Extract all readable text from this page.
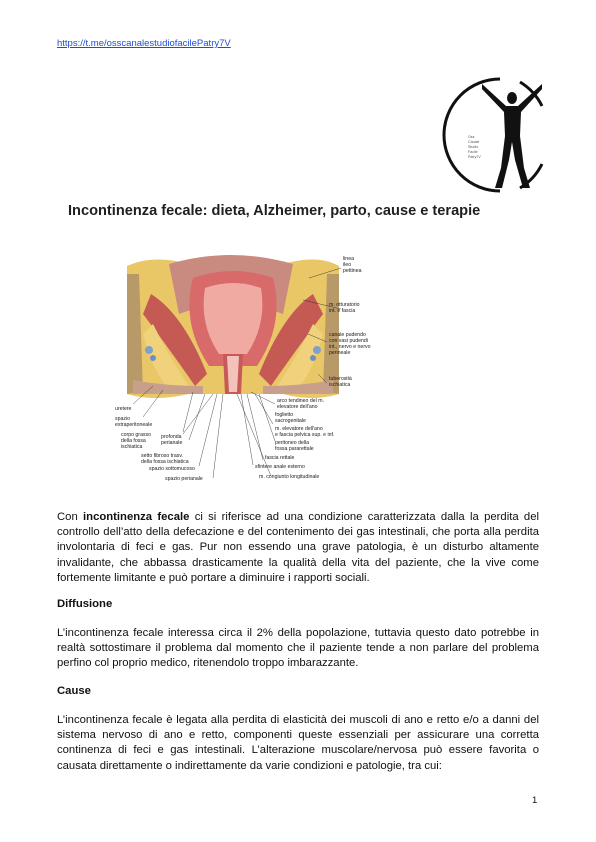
https://t.me/osscanalestudiofacilePatry7V
Oss
Canale
Studio
Facile
Patry7V
Incontinenza fecale: dieta, Alzheimer, parto, cause e terapie
linea
ileo
pettinea
m. otturatorio
int. e fascia
canale pudendo
con vasi pudendi
int., nervo e nervo
perineale
tuberosità
ischiatica
arco tendineo del m.
elevatore dell'ano
foglietto
sacrogenitale
m. elevatore dell'ano
e fascia pelvica sup. e inf.
peritoneo della
fossa pararettale
fascia rettale
sfintere anale esterno
m. congiunto longitudinale
uretere
spazio
extraperitoneale
corpo grasso
della fossa
ischiatica
profonda
perianale
setto fibroso trasv.
della fossa ischiatica
spazio sottomucoso
spazio perianale
Con incontinenza fecale ci si riferisce ad una condizione caratterizzata dalla la perdita del controllo dell’atto della defecazione e del contenimento dei gas intestinali, che porta alla perdita involontaria di feci e gas. Pur non essendo una grave patologia, è un disturbo altamente invalidante, che abbassa drasticamente la qualità della vita del paziente, che la vive come fortemente limitante e può portare a diminuire i rapporti sociali.
Diffusione
L’incontinenza fecale interessa circa il 2% della popolazione, tuttavia questo dato potrebbe in realtà sottostimare il problema dal momento che il paziente tende a non parlare del problema perfino col proprio medico, ritenendolo troppo imbarazzante.
Cause
L’incontinenza fecale è legata alla perdita di elasticità dei muscoli di ano e retto e/o a danni del sistema nervoso di ano e retto, componenti queste essenziali per assicurare una corretta continenza di feci e gas intestinali. L’alterazione muscolare/nervosa può essere favorita o causata direttamente o indirettamente da varie condizioni e patologie, tra cui:
1
